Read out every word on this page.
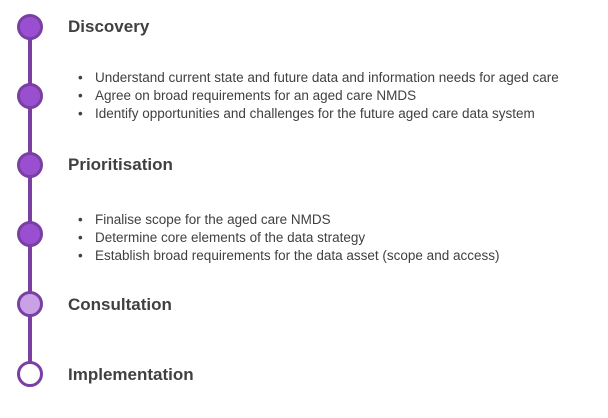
Discovery
Prioritisation
Consultation
Implementation
• Understand current state and future data and information needs for aged care
• Agree on broad requirements for an aged care NMDS
• Identify opportunities and challenges for the future aged care data system
• Finalise scope for the aged care NMDS
• Determine core elements of the data strategy
• Establish broad requirements for the data asset (scope and access)
